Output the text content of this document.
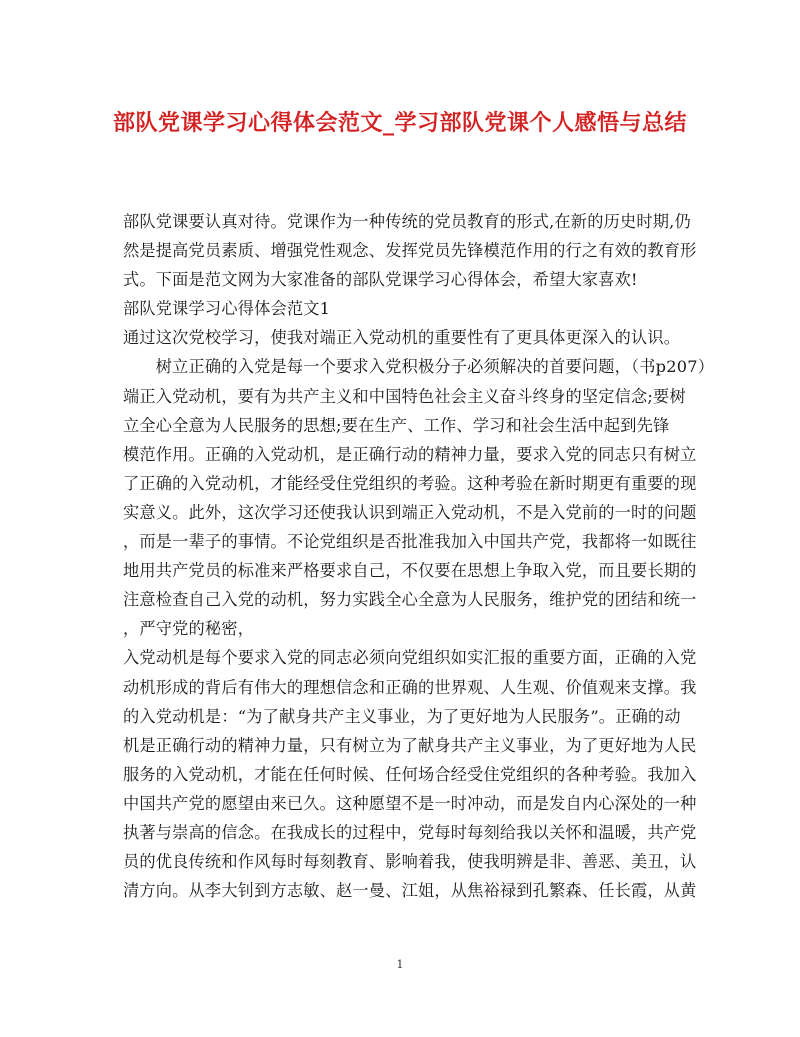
部队党课学习心得体会范文_学习部队党课个人感悟与总结
部队党课要认真对待。党课作为一种传统的党员教育的形式,在新的历史时期,仍
然是提高党员素质、增强党性观念、发挥党员先锋模范作用的行之有效的教育形
式。下面是范文网为大家准备的部队党课学习心得体会，希望大家喜欢!
部队党课学习心得体会范文1
通过这次党校学习，使我对端正入党动机的重要性有了更具体更深入的认识。
　　树立正确的入党是每一个要求入党积极分子必须解决的首要问题，（书p207）
端正入党动机，要有为共产主义和中国特色社会主义奋斗终身的坚定信念;要树
立全心全意为人民服务的思想;要在生产、工作、学习和社会生活中起到先锋
模范作用。正确的入党动机，是正确行动的精神力量，要求入党的同志只有树立
了正确的入党动机，才能经受住党组织的考验。这种考验在新时期更有重要的现
实意义。此外，这次学习还使我认识到端正入党动机，不是入党前的一时的问题
，而是一辈子的事情。不论党组织是否批准我加入中国共产党，我都将一如既往
地用共产党员的标准来严格要求自己，不仅要在思想上争取入党，而且要长期的
注意检查自己入党的动机，努力实践全心全意为人民服务，维护党的团结和统一
，严守党的秘密，
入党动机是每个要求入党的同志必须向党组织如实汇报的重要方面，正确的入党
动机形成的背后有伟大的理想信念和正确的世界观、人生观、价值观来支撑。我
的入党动机是：“为了献身共产主义事业，为了更好地为人民服务”。正确的动
机是正确行动的精神力量，只有树立为了献身共产主义事业，为了更好地为人民
服务的入党动机，才能在任何时候、任何场合经受住党组织的各种考验。我加入
中国共产党的愿望由来已久。这种愿望不是一时冲动，而是发自内心深处的一种
执著与崇高的信念。在我成长的过程中，党每时每刻给我以关怀和温暖，共产党
员的优良传统和作风每时每刻教育、影响着我，使我明辨是非、善恶、美丑，认
清方向。从李大钊到方志敏、赵一曼、江姐，从焦裕禄到孔繁森、任长霞，从黄
1
